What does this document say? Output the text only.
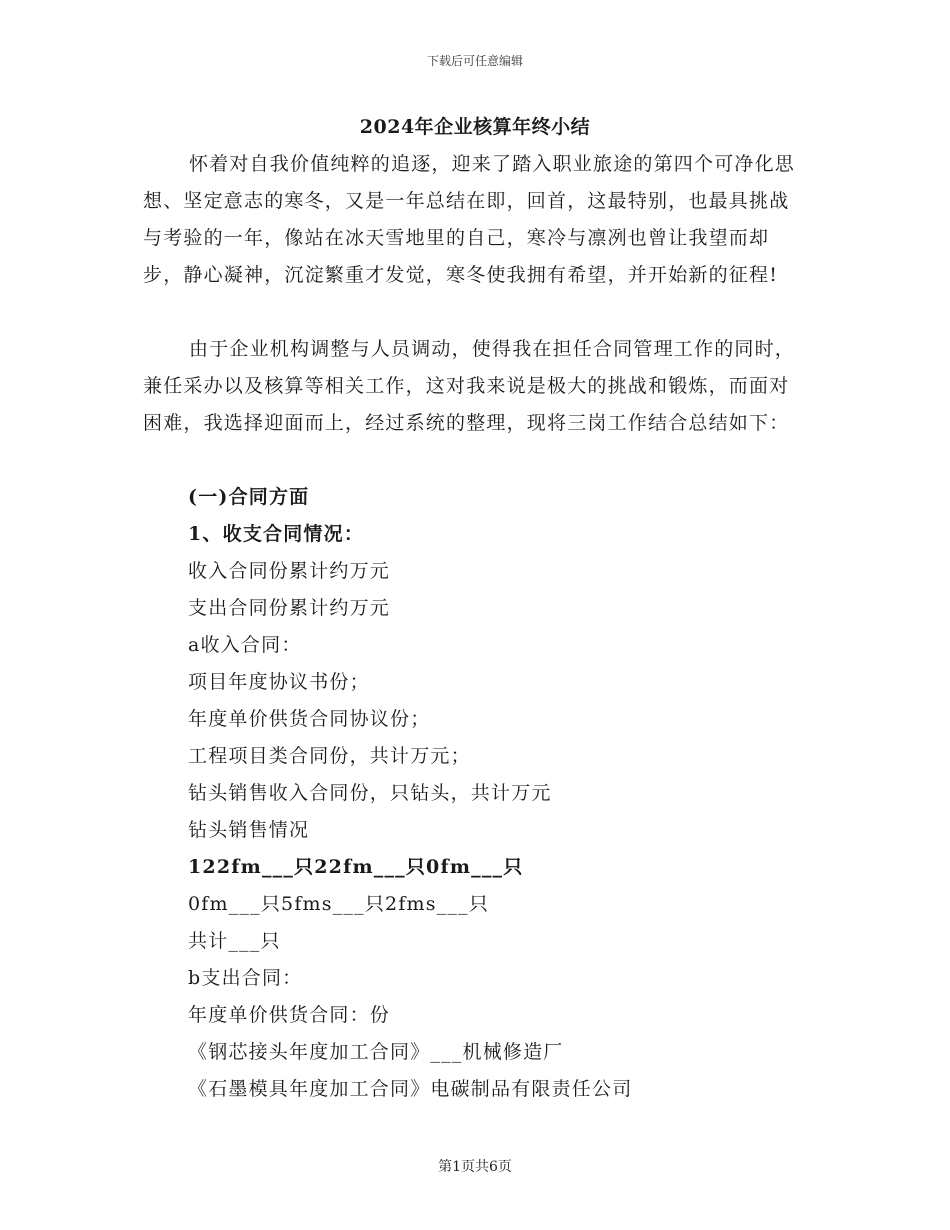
下载后可任意编辑
2024年企业核算年终小结

怀着对自我价值纯粹的追逐，迎来了踏入职业旅途的第四个可净化思想、坚定意志的寒冬，又是一年总结在即，回首，这最特别，也最具挑战与考验的一年，像站在冰天雪地里的自己，寒冷与凛冽也曾让我望而却步，静心凝神，沉淀繁重才发觉，寒冬使我拥有希望，并开始新的征程!

由于企业机构调整与人员调动，使得我在担任合同管理工作的同时，兼任采办以及核算等相关工作，这对我来说是极大的挑战和锻炼，而面对困难，我选择迎面而上，经过系统的整理，现将三岗工作结合总结如下：

(一)合同方面
1、收支合同情况：
收入合同份累计约万元
支出合同份累计约万元
a收入合同：
项目年度协议书份；
年度单价供货合同协议份；
工程项目类合同份，共计万元；
钻头销售收入合同份，只钻头，共计万元
钻头销售情况
122fm___只22fm___只0fm___只
0fm___只5fms___只2fms___只
共计___只
b支出合同：
年度单价供货合同：份
《钢芯接头年度加工合同》___机械修造厂
《石墨模具年度加工合同》电碳制品有限责任公司
第1页共6页
